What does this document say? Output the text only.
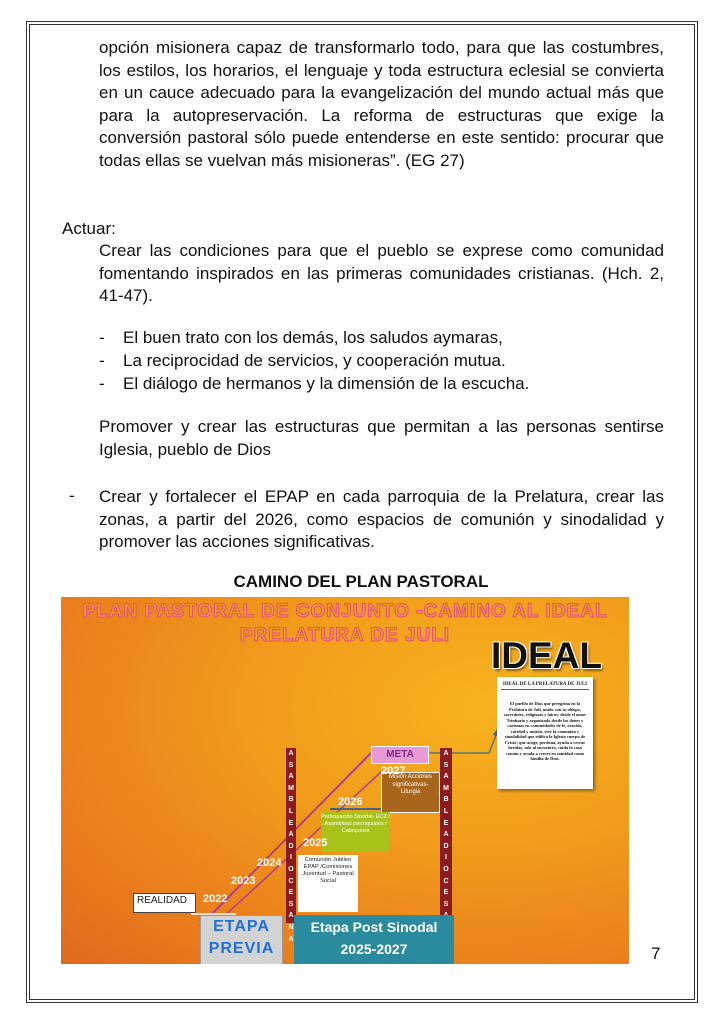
opción misionera capaz de transformarlo todo, para que las costumbres, los estilos, los horarios, el lenguaje y toda estructura eclesial se convierta en un cauce adecuado para la evangelización del mundo actual más que para la autopreservación. La reforma de estructuras que exige la conversión pastoral sólo puede entenderse en este sentido: procurar que todas ellas se vuelvan más misioneras”. (EG 27)

Actuar:

Crear las condiciones para que el pueblo se exprese como comunidad fomentando inspirados en las primeras comunidades cristianas. (Hch. 2, 41-47).

- El buen trato con los demás, los saludos aymaras,
- La reciprocidad de servicios, y cooperación mutua.
- El diálogo de hermanos y la dimensión de la escucha.

Promover y crear las estructuras que permitan a las personas sentirse Iglesia, pueblo de Dios

- Crear y fortalecer el EPAP en cada parroquia de la Prelatura, crear las zonas, a partir del 2026, como espacios de comunión y sinodalidad y promover las acciones significativas.

CAMINO DEL PLAN PASTORAL
PLAN PASTORAL DE CONJUNTO -CAMINO AL IDEAL
PRELATURA DE JULI	IDEAL
IDEAL DE LA PRELATURA DE JULI
El pueblo de Dios que peregrina en la Prelatura de Juli, unido con su obispo, sacerdotes, religiosas y laicos, desde el amor Trinitario y organizado desde los dones y carismas en comunidades de fe, oración, caridad y misión, vive la comunión y sinodalidad que edifica la Iglesia cuerpo de Cristo; que acoge, perdona, ayuda a cerrar heridas, sale al encuentro, cuida la casa común y ayuda a crecer en santidad como familia de Dios.
A
S
A
M
B
L
E
A
D
I
O
C
E
S
A
N
A
A
S
A
M
B
L
E
A
D
I
O
C
E
S
META
Misión Acciones significativas- Liturgia
Participación Sinodal- ECZ / Asambleas parroquiales / Catequesis
Comunión Jubileo EPAP /Comisiones Juventud – Pastoral Social
REALIDAD	2022
2023
2024
2025
2026
2027
ETAPA
PREVIA
Etapa Post Sinodal
2025-2027	7
